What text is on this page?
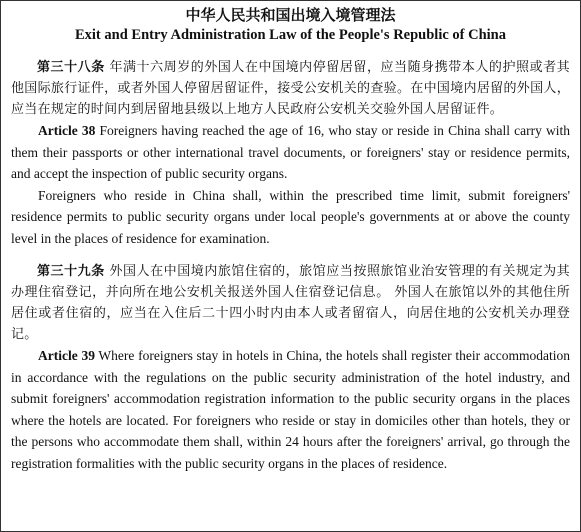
中华人民共和国出境入境管理法

Exit and Entry Administration Law of the People's Republic of China

第三十八条 年满十六周岁的外国人在中国境内停留居留，应当随身携带本人的护照或者其他国际旅行证件，或者外国人停留居留证件，接受公安机关的查验。在中国境内居留的外国人，应当在规定的时间内到居留地县级以上地方人民政府公安机关交验外国人居留证件。

Article 38 Foreigners having reached the age of 16, who stay or reside in China shall carry with them their passports or other international travel documents, or foreigners' stay or residence permits, and accept the inspection of public security organs.

Foreigners who reside in China shall, within the prescribed time limit, submit foreigners' residence permits to public security organs under local people's governments at or above the county level in the places of residence for examination.

第三十九条 外国人在中国境内旅馆住宿的，旅馆应当按照旅馆业治安管理的有关规定为其办理住宿登记，并向所在地公安机关报送外国人住宿登记信息。 外国人在旅馆以外的其他住所居住或者住宿的，应当在入住后二十四小时内由本人或者留宿人，向居住地的公安机关办理登记。

Article 39 Where foreigners stay in hotels in China, the hotels shall register their accommodation in accordance with the regulations on the public security administration of the hotel industry, and submit foreigners' accommodation registration information to the public security organs in the places where the hotels are located. For foreigners who reside or stay in domiciles other than hotels, they or the persons who accommodate them shall, within 24 hours after the foreigners' arrival, go through the registration formalities with the public security organs in the places of residence.
